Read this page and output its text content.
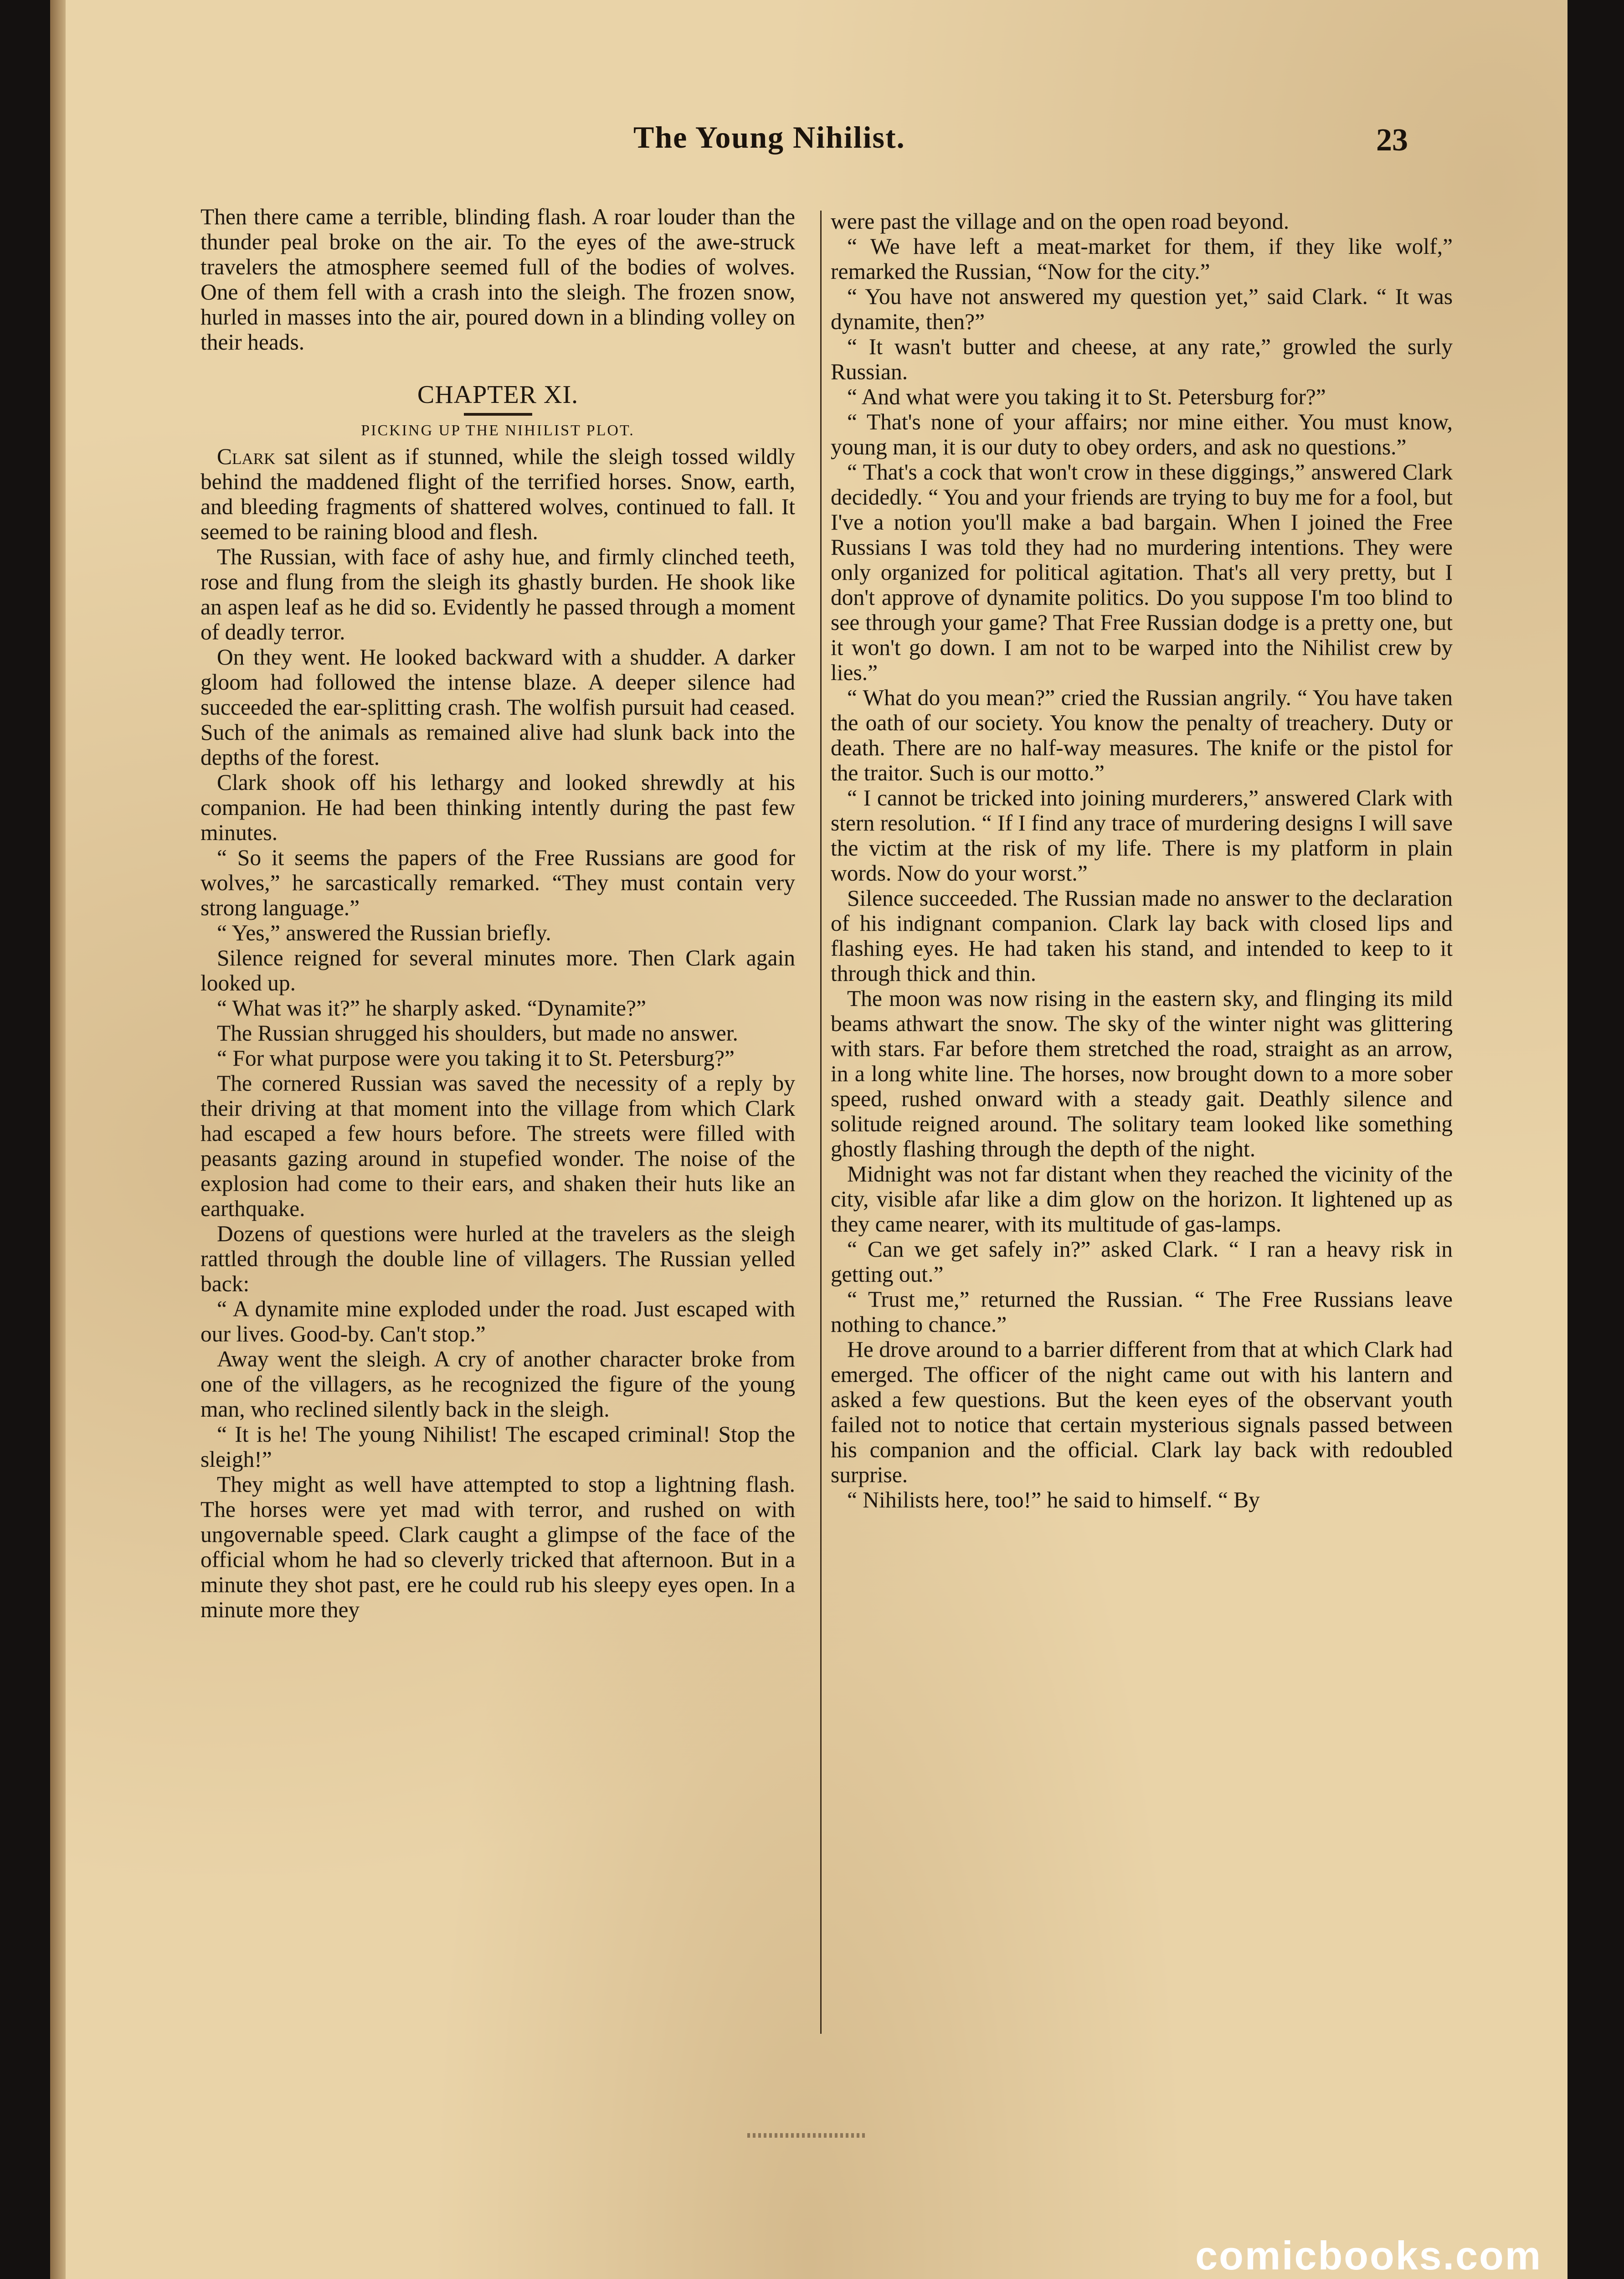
The Young Nihilist.	23

Then there came a terrible, blinding flash. A roar louder than the thunder peal broke on the air. To the eyes of the awe-struck travelers the atmosphere seemed full of the bodies of wolves. One of them fell with a crash into the sleigh. The frozen snow, hurled in masses into the air, poured down in a blinding volley on their heads.

CHAPTER XI.
PICKING UP THE NIHILIST PLOT.

Clark sat silent as if stunned, while the sleigh tossed wildly behind the maddened flight of the terrified horses. Snow, earth, and bleeding fragments of shattered wolves, continued to fall. It seemed to be raining blood and flesh.

The Russian, with face of ashy hue, and firmly clinched teeth, rose and flung from the sleigh its ghastly burden. He shook like an aspen leaf as he did so. Evidently he passed through a moment of deadly terror.

On they went. He looked backward with a shudder. A darker gloom had followed the intense blaze. A deeper silence had succeeded the ear-splitting crash. The wolfish pursuit had ceased. Such of the animals as remained alive had slunk back into the depths of the forest.

Clark shook off his lethargy and looked shrewdly at his companion. He had been thinking intently during the past few minutes.

“ So it seems the papers of the Free Russians are good for wolves,” he sarcastically remarked. “They must contain very strong language.”

“ Yes,” answered the Russian briefly.

Silence reigned for several minutes more. Then Clark again looked up.

“ What was it?” he sharply asked. “Dynamite?”

The Russian shrugged his shoulders, but made no answer.

“ For what purpose were you taking it to St. Petersburg?”

The cornered Russian was saved the necessity of a reply by their driving at that moment into the village from which Clark had escaped a few hours before. The streets were filled with peasants gazing around in stupefied wonder. The noise of the explosion had come to their ears, and shaken their huts like an earthquake.

Dozens of questions were hurled at the travelers as the sleigh rattled through the double line of villagers. The Russian yelled back:

“ A dynamite mine exploded under the road. Just escaped with our lives. Good-by. Can't stop.”

Away went the sleigh. A cry of another character broke from one of the villagers, as he recognized the figure of the young man, who reclined silently back in the sleigh.

“ It is he! The young Nihilist! The escaped criminal! Stop the sleigh!”

They might as well have attempted to stop a lightning flash. The horses were yet mad with terror, and rushed on with ungovernable speed. Clark caught a glimpse of the face of the official whom he had so cleverly tricked that afternoon. But in a minute they shot past, ere he could rub his sleepy eyes open. In a minute more they

were past the village and on the open road beyond.

“ We have left a meat-market for them, if they like wolf,” remarked the Russian, “Now for the city.”

“ You have not answered my question yet,” said Clark. “ It was dynamite, then?”

“ It wasn't butter and cheese, at any rate,” growled the surly Russian.

“ And what were you taking it to St. Petersburg for?”

“ That's none of your affairs; nor mine either. You must know, young man, it is our duty to obey orders, and ask no questions.”

“ That's a cock that won't crow in these diggings,” answered Clark decidedly. “ You and your friends are trying to buy me for a fool, but I've a notion you'll make a bad bargain. When I joined the Free Russians I was told they had no murdering intentions. They were only organized for political agitation. That's all very pretty, but I don't approve of dynamite politics. Do you suppose I'm too blind to see through your game? That Free Russian dodge is a pretty one, but it won't go down. I am not to be warped into the Nihilist crew by lies.”

“ What do you mean?” cried the Russian angrily. “ You have taken the oath of our society. You know the penalty of treachery. Duty or death. There are no half-way measures. The knife or the pistol for the traitor. Such is our motto.”

“ I cannot be tricked into joining murderers,” answered Clark with stern resolution. “ If I find any trace of murdering designs I will save the victim at the risk of my life. There is my platform in plain words. Now do your worst.”

Silence succeeded. The Russian made no answer to the declaration of his indignant companion. Clark lay back with closed lips and flashing eyes. He had taken his stand, and intended to keep to it through thick and thin.

The moon was now rising in the eastern sky, and flinging its mild beams athwart the snow. The sky of the winter night was glittering with stars. Far before them stretched the road, straight as an arrow, in a long white line. The horses, now brought down to a more sober speed, rushed onward with a steady gait. Deathly silence and solitude reigned around. The solitary team looked like something ghostly flashing through the depth of the night.

Midnight was not far distant when they reached the vicinity of the city, visible afar like a dim glow on the horizon. It lightened up as they came nearer, with its multitude of gas-lamps.

“ Can we get safely in?” asked Clark. “ I ran a heavy risk in getting out.”

“ Trust me,” returned the Russian. “ The Free Russians leave nothing to chance.”

He drove around to a barrier different from that at which Clark had emerged. The officer of the night came out with his lantern and asked a few questions. But the keen eyes of the observant youth failed not to notice that certain mysterious signals passed between his companion and the official. Clark lay back with redoubled surprise.

“ Nihilists here, too!” he said to himself. “ By

comicbooks.com
